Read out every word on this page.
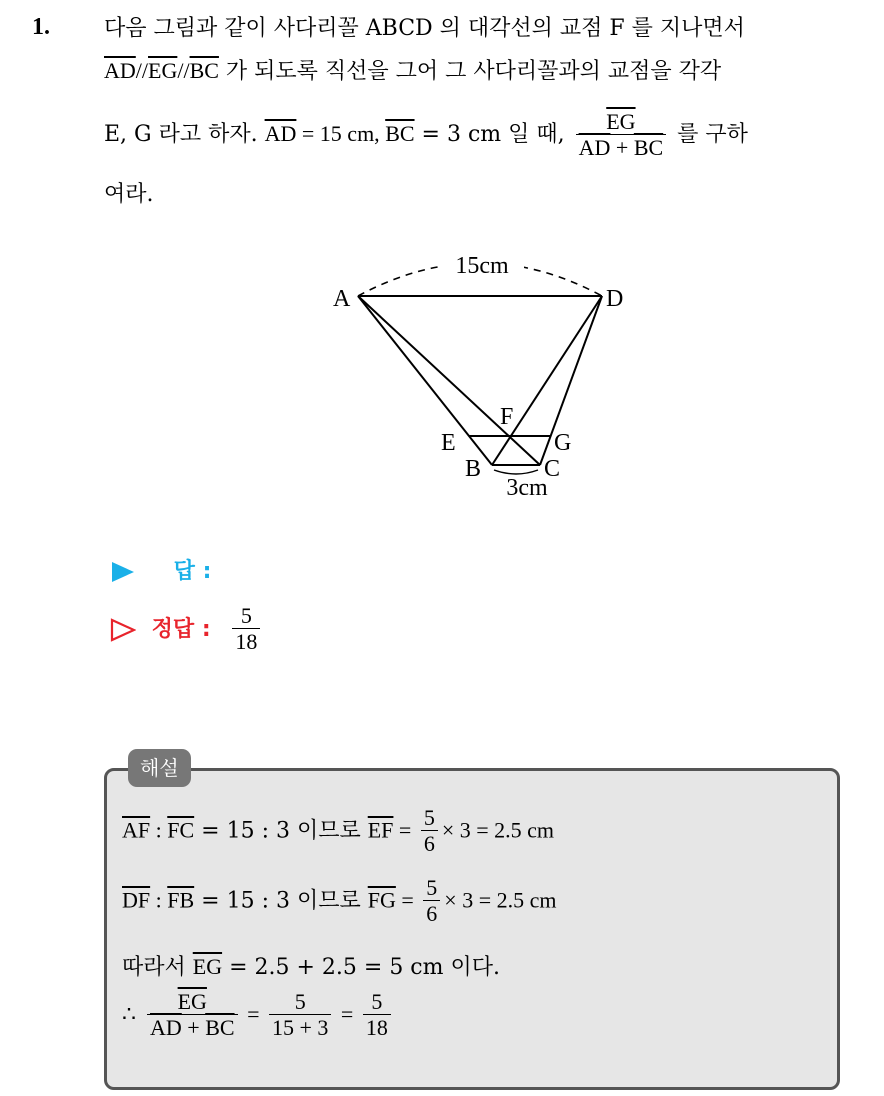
1. 다음 그림과 같이 사다리꼴 ABCD 의 대각선의 교점 F 를 지나면서
$\overline{AD}//\overline{EG}//\overline{BC}$ 가 되도록 직선을 그어 그 사다리꼴과의 교점을 각각
E, G 라고 하자. $\overline{AD} = 15$ cm, $\overline{BC} = 3$ cm 일 때, $\frac{\overline{EG}}{\overline{AD} + \overline{BC}}$ 를 구하
여라.
15cm
A	D
F
E	G
B	C
3cm
답 :
정답 : $\frac{5}{18}$
해설
$\overline{AF}$ : $\overline{FC} = 15$ : 3 이므로 $\overline{EF} = \frac{5}{6} \times 3 = 2.5$ cm
$\overline{DF}$ : $\overline{FB} = 15$ : 3 이므로 $\overline{FG} = \frac{5}{6} \times 3 = 2.5$ cm
따라서 $\overline{EG} = 2.5 + 2.5 = 5$ cm 이다.
∴ $\frac{\overline{EG}}{\overline{AD} + \overline{BC}} = \frac{5}{15 + 3} = \frac{5}{18}$
